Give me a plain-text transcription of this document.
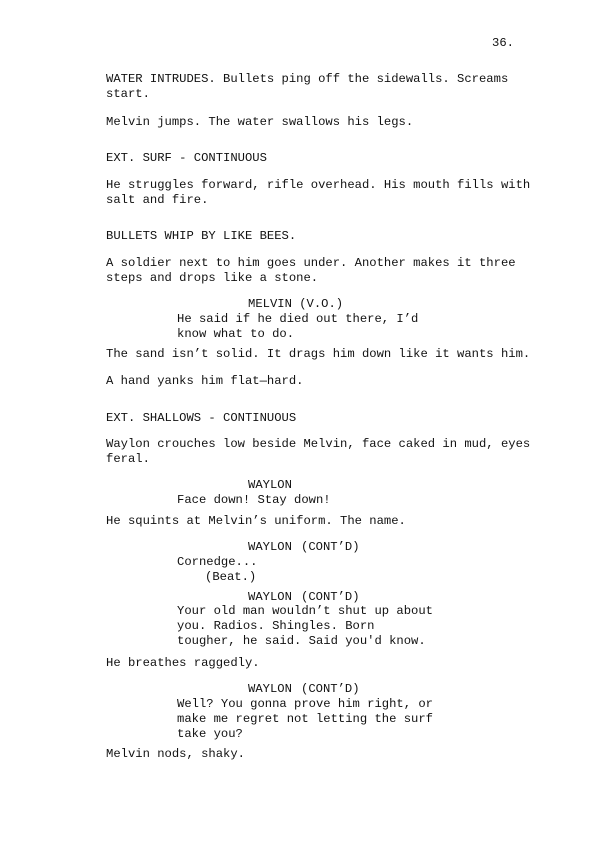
36.
WATER INTRUDES. Bullets ping off the sidewalls. Screams
start.
Melvin jumps. The water swallows his legs.
EXT. SURF - CONTINUOUS
He struggles forward, rifle overhead. His mouth fills with
salt and fire.
BULLETS WHIP BY LIKE BEES.
A soldier next to him goes under. Another makes it three
steps and drops like a stone.
MELVIN (V.O.)
He said if he died out there, I’d
know what to do.
The sand isn’t solid. It drags him down like it wants him.
A hand yanks him flat—hard.
EXT. SHALLOWS - CONTINUOUS
Waylon crouches low beside Melvin, face caked in mud, eyes
feral.
WAYLON
Face down! Stay down!
He squints at Melvin’s uniform. The name.
WAYLON (CONT’D)
Cornedge...
(Beat.)
WAYLON (CONT’D)
Your old man wouldn’t shut up about
you. Radios. Shingles. Born
tougher, he said. Said you'd know.
He breathes raggedly.
WAYLON (CONT’D)
Well? You gonna prove him right, or
make me regret not letting the surf
take you?
Melvin nods, shaky.
